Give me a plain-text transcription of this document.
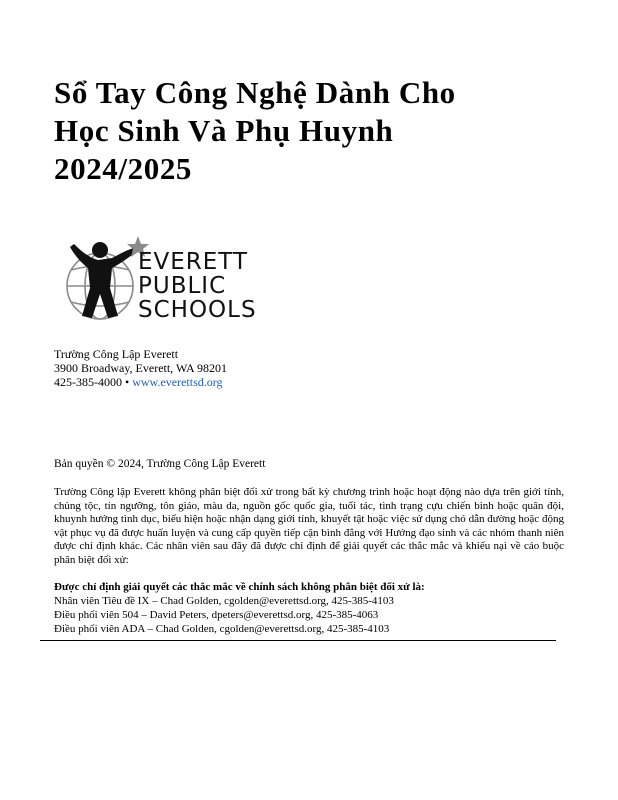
Sổ Tay Công Nghệ Dành Cho
Học Sinh Và Phụ Huynh
2024/2025
EVERETT
PUBLIC
SCHOOLS
Trường Công Lập Everett
3900 Broadway, Everett, WA 98201
425-385-4000 • www.everettsd.org
Bản quyền © 2024, Trường Công Lập Everett
Trường Công lập Everett không phân biệt đối xử trong bất kỳ chương trình hoặc hoạt động nào dựa trên giới tính, chủng tộc, tín ngưỡng, tôn giáo, màu da, nguồn gốc quốc gia, tuổi tác, tình trạng cựu chiến binh hoặc quân đội, khuynh hướng tình dục, biểu hiện hoặc nhận dạng giới tính, khuyết tật hoặc việc sử dụng chó dẫn đường hoặc động vật phục vụ đã được huấn luyện và cung cấp quyền tiếp cận bình đẳng với Hướng đạo sinh và các nhóm thanh niên được chỉ định khác. Các nhân viên sau đây đã được chỉ định để giải quyết các thắc mắc và khiếu nại về cáo buộc phân biệt đối xử:
Được chỉ định giải quyết các thắc mắc về chính sách không phân biệt đối xử là:
Nhân viên Tiêu đề IX – Chad Golden, cgolden@everettsd.org, 425-385-4103
Điều phối viên 504 – David Peters, dpeters@everettsd.org, 425-385-4063
Điều phối viên ADA – Chad Golden, cgolden@everettsd.org, 425-385-4103
